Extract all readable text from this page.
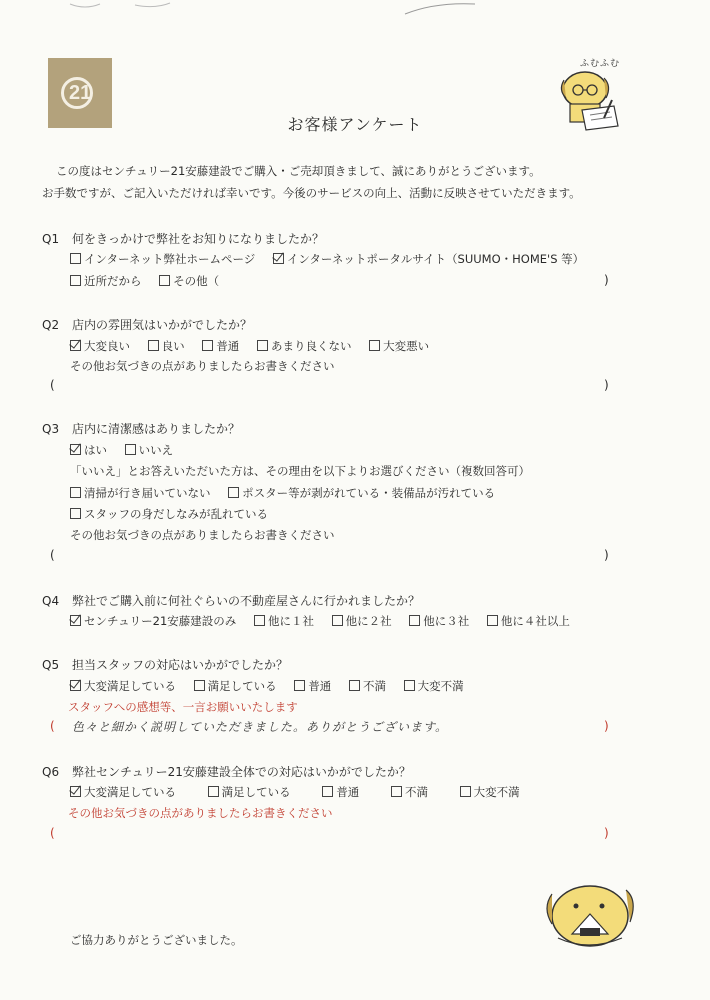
21
ふむふむ
お客様アンケート
この度はセンチュリー21安藤建設でご購入・ご売却頂きまして、誠にありがとうございます。
お手数ですが、ご記入いただければ幸いです。今後のサービスの向上、活動に反映させていただきます。
Q1 何をきっかけで弊社をお知りになりましたか？
インターネット弊社ホームページ	インターネットポータルサイト（SUUMO・HOME'S 等）
近所だから	その他（	)
Q2 店内の雰囲気はいかがでしたか？
大変良い	良い	普通	あまり良くない	大変悪い
その他お気づきの点がありましたらお書きください
(	)
Q3 店内に清潔感はありましたか？
はい	いいえ
「いいえ」とお答えいただいた方は、その理由を以下よりお選びください（複数回答可）
清掃が行き届いていない	ポスター等が剥がれている・装備品が汚れている
スタッフの身だしなみが乱れている
その他お気づきの点がありましたらお書きください
(	)
Q4 弊社でご購入前に何社ぐらいの不動産屋さんに行かれましたか？
センチュリー21安藤建設のみ	他に１社	他に２社	他に３社	他に４社以上
Q5 担当スタッフの対応はいかがでしたか？
大変満足している	満足している	普通	不満	大変不満
スタッフへの感想等、一言お願いいたします
( 色々と細かく説明していただきました。ありがとうございます。	)
Q6 弊社センチュリー21安藤建設全体での対応はいかがでしたか？
大変満足している	満足している	普通	不満	大変不満
その他お気づきの点がありましたらお書きください
(	)
ご協力ありがとうございました。
